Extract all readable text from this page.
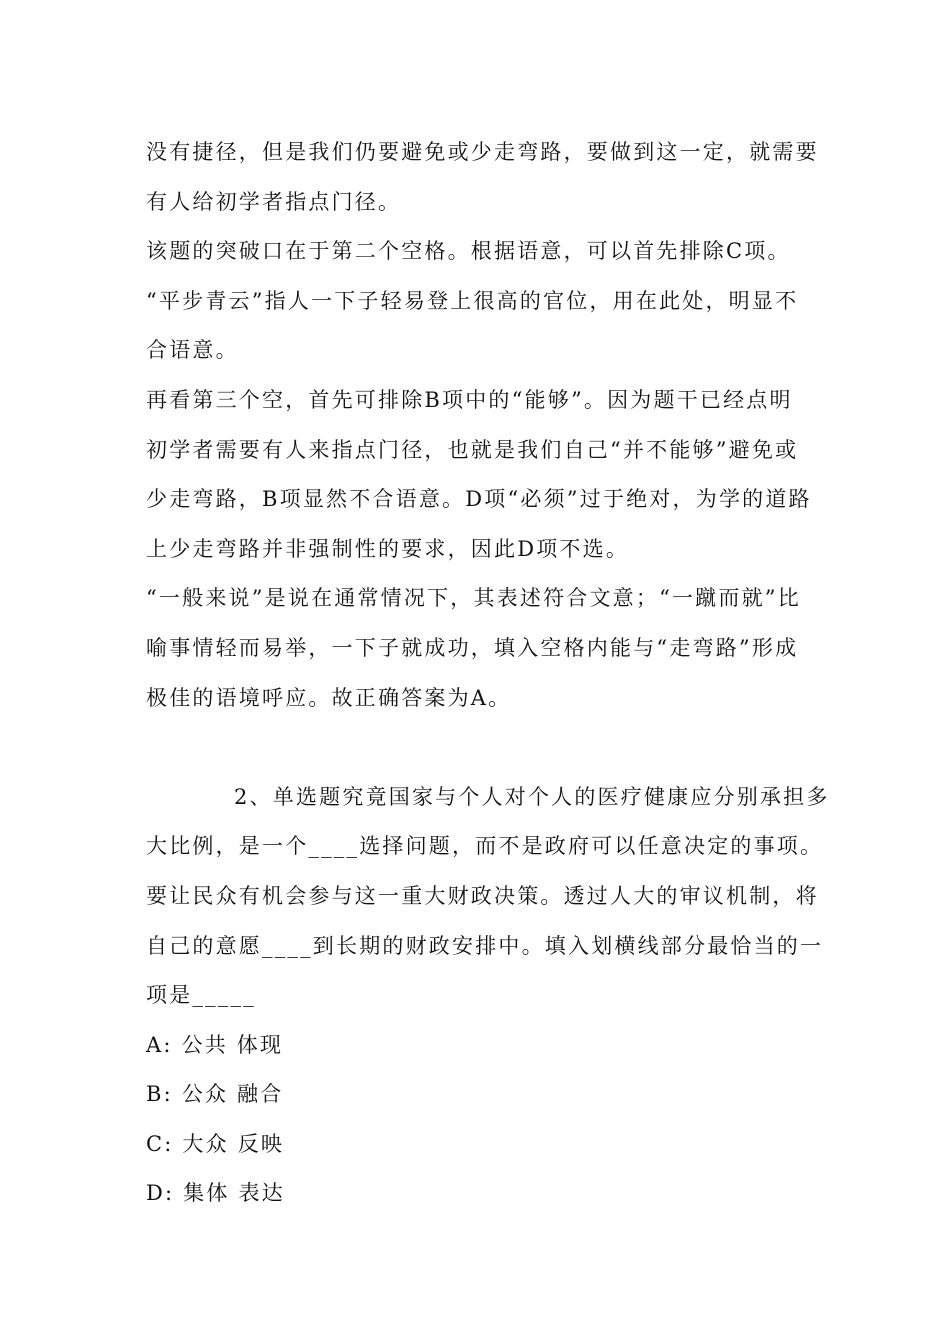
没有捷径，但是我们仍要避免或少走弯路，要做到这一定，就需要
有人给初学者指点门径。
该题的突破口在于第二个空格。根据语意，可以首先排除C项。
“平步青云”指人一下子轻易登上很高的官位，用在此处，明显不
合语意。
再看第三个空，首先可排除B项中的“能够”。因为题干已经点明
初学者需要有人来指点门径，也就是我们自己“并不能够”避免或
少走弯路，B项显然不合语意。D项“必须”过于绝对，为学的道路
上少走弯路并非强制性的要求，因此D项不选。
“一般来说”是说在通常情况下，其表述符合文意；“一蹴而就”比
喻事情轻而易举，一下子就成功，填入空格内能与“走弯路”形成
极佳的语境呼应。故正确答案为A。
2、单选题究竟国家与个人对个人的医疗健康应分别承担多
大比例，是一个____选择问题，而不是政府可以任意决定的事项。
要让民众有机会参与这一重大财政决策。透过人大的审议机制，将
自己的意愿____到长期的财政安排中。填入划横线部分最恰当的一
项是_____
A: 公共 体现
B: 公众 融合
C: 大众 反映
D: 集体 表达
